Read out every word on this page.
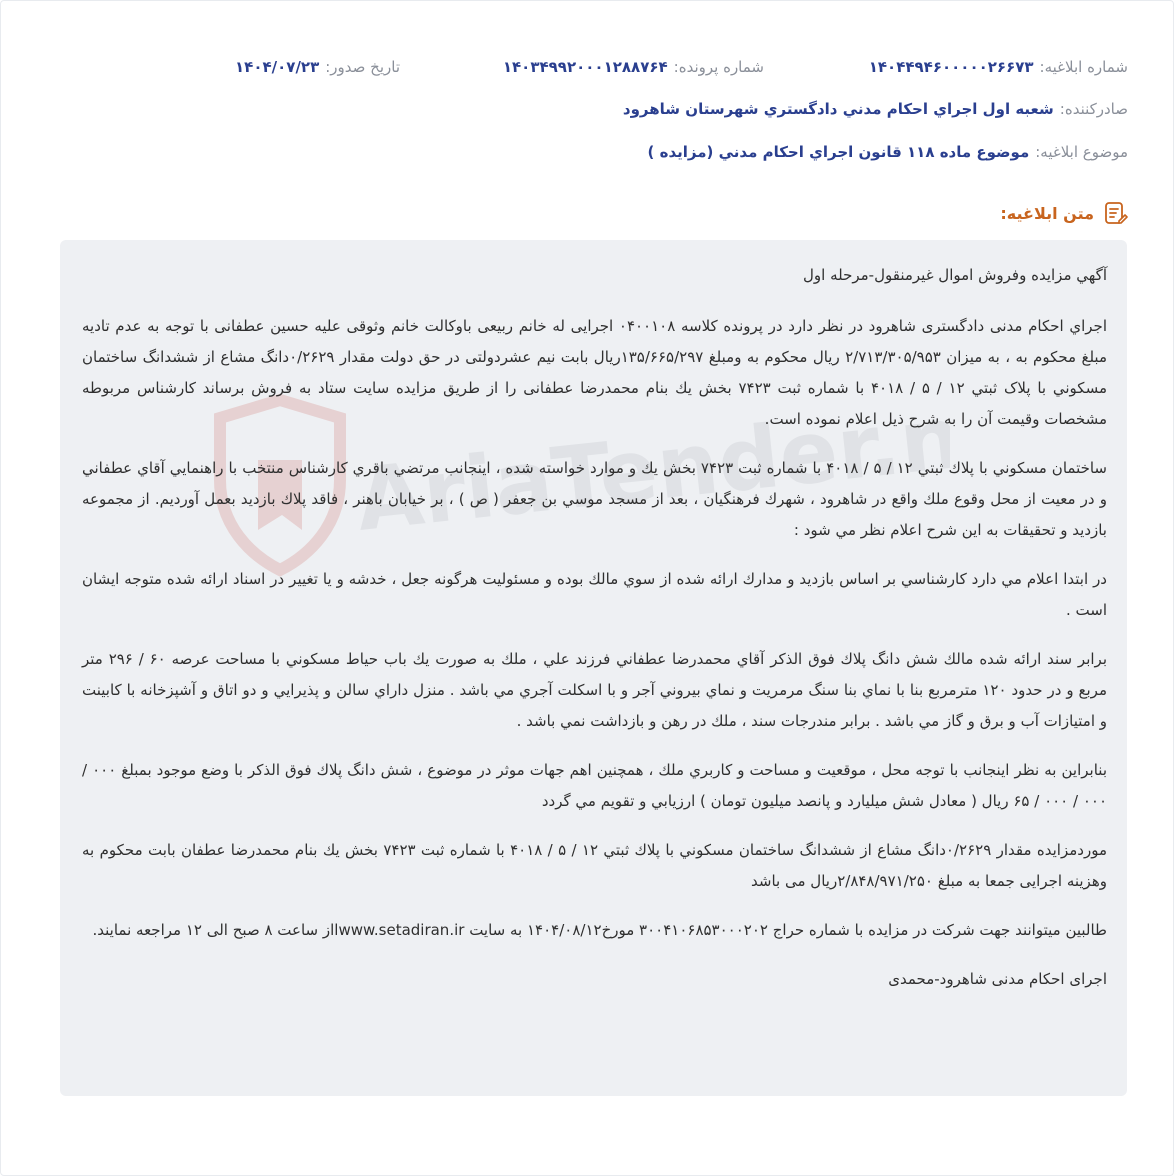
شماره ابلاغيه:
۱۴۰۴۴۹۴۶۰۰۰۰۰۲۶۶۷۳
شماره پرونده:
۱۴۰۳۴۹۹۲۰۰۰۱۲۸۸۷۶۴
تاريخ صدور:
۱۴۰۴/۰۷/۲۳
صادرکننده:
شعبه اول اجراي احکام مدني دادگستري شهرستان شاهرود
موضوع ابلاغيه:
موضوع ماده ۱۱۸ قانون اجراي احکام مدني (مزايده )
متن ابلاغيه:
AriaTender.neT

آگهي مزايده وفروش اموال غيرمنقول-مرحله اول

اجراي احکام مدنی دادگستری شاهرود در نظر دارد در پرونده کلاسه ۰۴۰۰۱۰۸ اجرايی له خانم ربيعی باوکالت خانم وثوقی عليه حسين عطفانی با توجه به عدم تاديه مبلغ محکوم به ، به ميزان ۲/۷۱۳/۳۰۵/۹۵۳ ريال محکوم به ومبلغ ۱۳۵/۶۶۵/۲۹۷ريال بابت نيم عشردولتی در حق دولت مقدار ۰/۲۶۲۹دانگ مشاع از ششدانگ ساختمان مسکوني با پلاک ثبتي ۱۲ / ۵ / ۴۰۱۸ با شماره ثبت ۷۴۲۳ بخش يك بنام محمدرضا عطفانی را از طريق مزايده سايت ستاد به فروش برساند کارشناس مربوطه مشخصات وقيمت آن را به شرح ذيل اعلام نموده است.

ساختمان مسکوني با پلاك ثبتي ۱۲ / ۵ / ۴۰۱۸ با شماره ثبت ۷۴۲۳ بخش يك و موارد خواسته شده ، اينجانب مرتضي باقري کارشناس منتخب با راهنمايي آقاي عطفاني و در معيت از محل وقوع ملك واقع در شاهرود ، شهرك فرهنگيان ، بعد از مسجد موسي بن جعفر ( ص ) ، بر خيابان باهنر ، فاقد پلاك بازديد بعمل آورديم. از مجموعه بازديد و تحقيقات به اين شرح اعلام نظر مي شود :

در ابتدا اعلام مي دارد کارشناسي بر اساس بازديد و مدارك ارائه شده از سوي مالك بوده و مسئوليت هرگونه جعل ، خدشه و يا تغيير در اسناد ارائه شده متوجه ايشان است .

برابر سند ارائه شده مالك شش دانگ پلاك فوق الذکر آقاي محمدرضا عطفاني فرزند علي ، ملك به صورت يك باب حياط مسکوني با مساحت عرصه ۶۰ / ۲۹۶ متر مربع و در حدود ۱۲۰ مترمربع بنا با نماي بنا سنگ مرمريت و نماي بيروني آجر و با اسکلت آجري مي باشد . منزل داراي سالن و پذيرايي و دو اتاق و آشپزخانه با کابينت و امتيازات آب و برق و گاز مي باشد . برابر مندرجات سند ، ملك در رهن و بازداشت نمي باشد .

بنابراين به نظر اينجانب با توجه محل ، موقعيت و مساحت و کاربري ملك ، همچنين اهم جهات موثر در موضوع ، شش دانگ پلاك فوق الذکر با وضع موجود بمبلغ ۰۰۰ / ۰۰۰ / ۰۰۰ / ۶۵ ريال ( معادل شش ميليارد و پانصد ميليون تومان ) ارزيابي و تقويم مي گردد

موردمزايده مقدار ۰/۲۶۲۹دانگ مشاع از ششدانگ ساختمان مسکوني با پلاك ثبتي ۱۲ / ۵ / ۴۰۱۸ با شماره ثبت ۷۴۲۳ بخش يك بنام محمدرضا عطفان بابت محکوم به وهزينه اجرايی جمعا به مبلغ ۲/۸۴۸/۹۷۱/۲۵۰ريال می باشد

طالبين ميتوانند جهت شرکت در مزايده با شماره حراج ۳۰۰۴۱۰۶۸۵۳۰۰۰۲۰۲ مورخ۱۴۰۴/۰۸/۱۲ به سایت lwww.setadiran.irاز ساعت ۸ صبح الی ۱۲ مراجعه نمايند.

اجرای احکام مدنی شاهرود-محمدی
